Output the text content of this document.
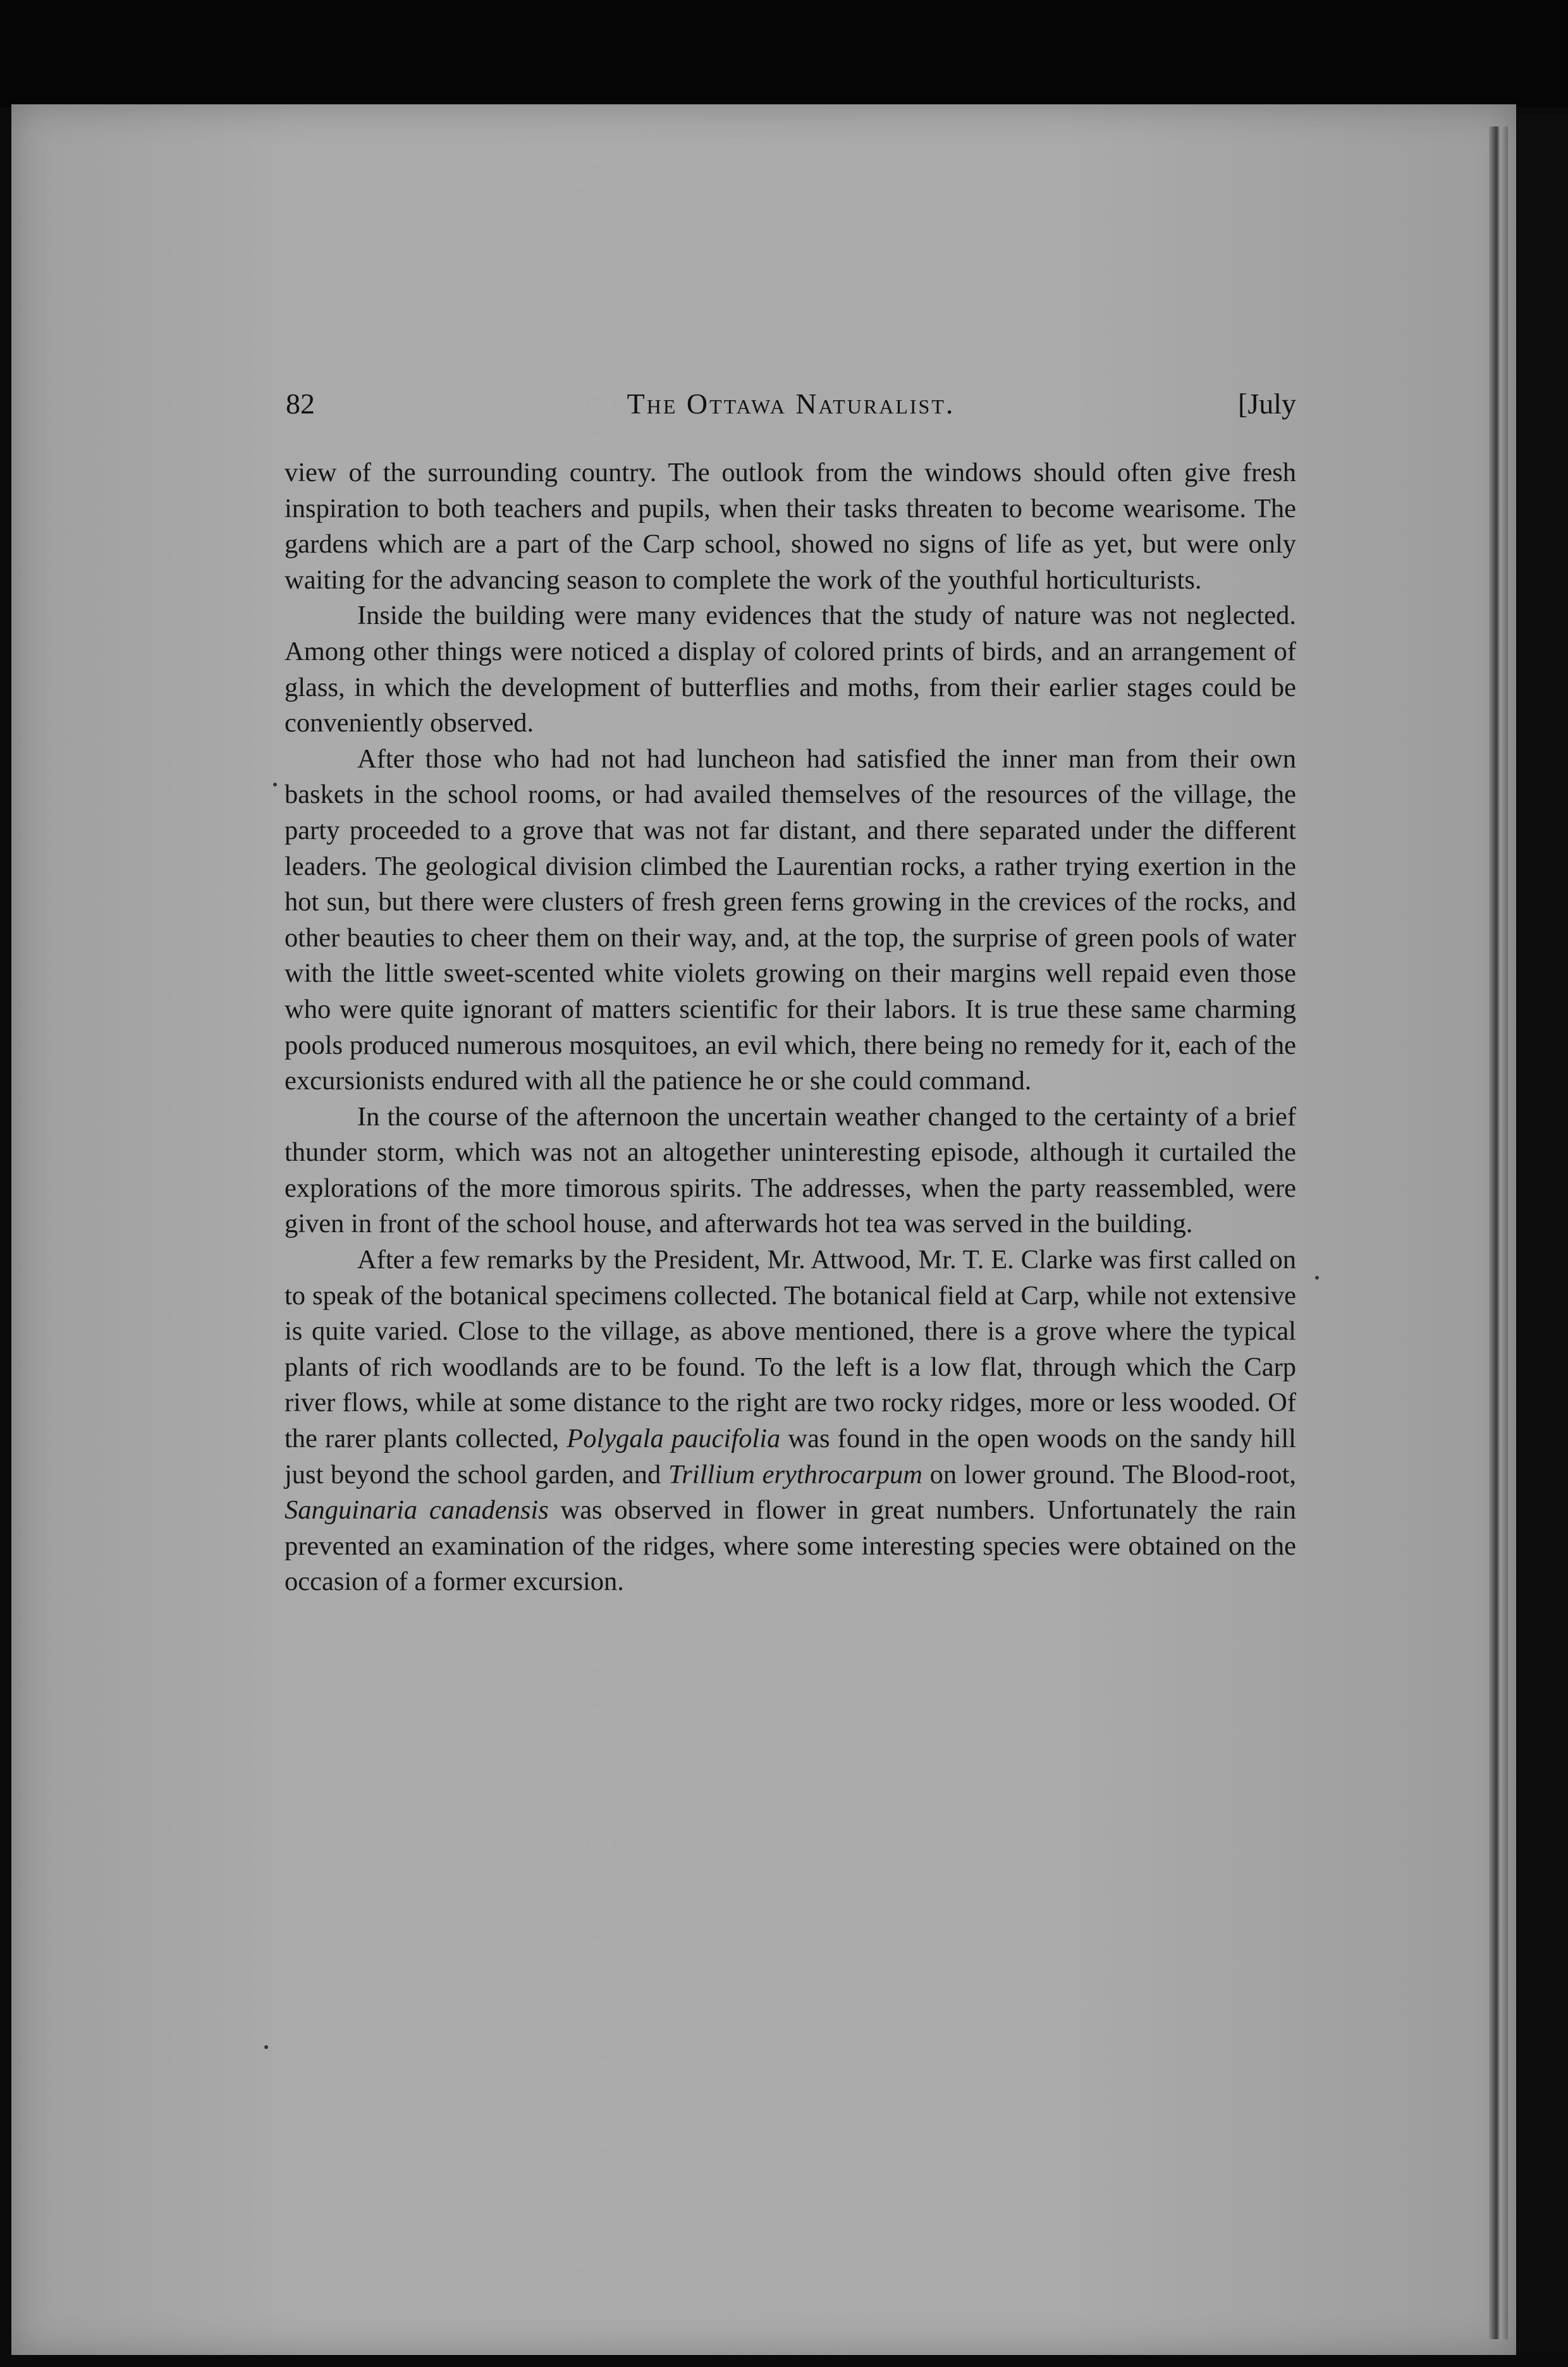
82	The Ottawa Naturalist.	[July

view of the surrounding country. The outlook from the windows should often give fresh inspiration to both teachers and pupils, when their tasks threaten to become wearisome. The gardens which are a part of the Carp school, showed no signs of life as yet, but were only waiting for the advancing season to complete the work of the youthful horticulturists.

Inside the building were many evidences that the study of nature was not neglected. Among other things were noticed a display of colored prints of birds, and an arrangement of glass, in which the development of butterflies and moths, from their earlier stages could be conveniently observed.

After those who had not had luncheon had satisfied the inner man from their own baskets in the school rooms, or had availed themselves of the resources of the village, the party proceeded to a grove that was not far distant, and there separated under the different leaders. The geological division climbed the Laurentian rocks, a rather trying exertion in the hot sun, but there were clusters of fresh green ferns growing in the crevices of the rocks, and other beauties to cheer them on their way, and, at the top, the surprise of green pools of water with the little sweet-scented white violets growing on their margins well repaid even those who were quite ignorant of matters scientific for their labors. It is true these same charming pools produced numerous mosquitoes, an evil which, there being no remedy for it, each of the excursionists endured with all the patience he or she could command.

In the course of the afternoon the uncertain weather changed to the certainty of a brief thunder storm, which was not an altogether uninteresting episode, although it curtailed the explorations of the more timorous spirits. The addresses, when the party reassembled, were given in front of the school house, and afterwards hot tea was served in the building.

After a few remarks by the President, Mr. Attwood, Mr. T. E. Clarke was first called on to speak of the botanical specimens collected. The botanical field at Carp, while not extensive is quite varied. Close to the village, as above mentioned, there is a grove where the typical plants of rich woodlands are to be found. To the left is a low flat, through which the Carp river flows, while at some distance to the right are two rocky ridges, more or less wooded. Of the rarer plants collected, Polygala paucifolia was found in the open woods on the sandy hill just beyond the school garden, and Trillium erythrocarpum on lower ground. The Blood-root, Sanguinaria canadensis was observed in flower in great numbers. Unfortunately the rain prevented an examination of the ridges, where some interesting species were obtained on the occasion of a former excursion.
